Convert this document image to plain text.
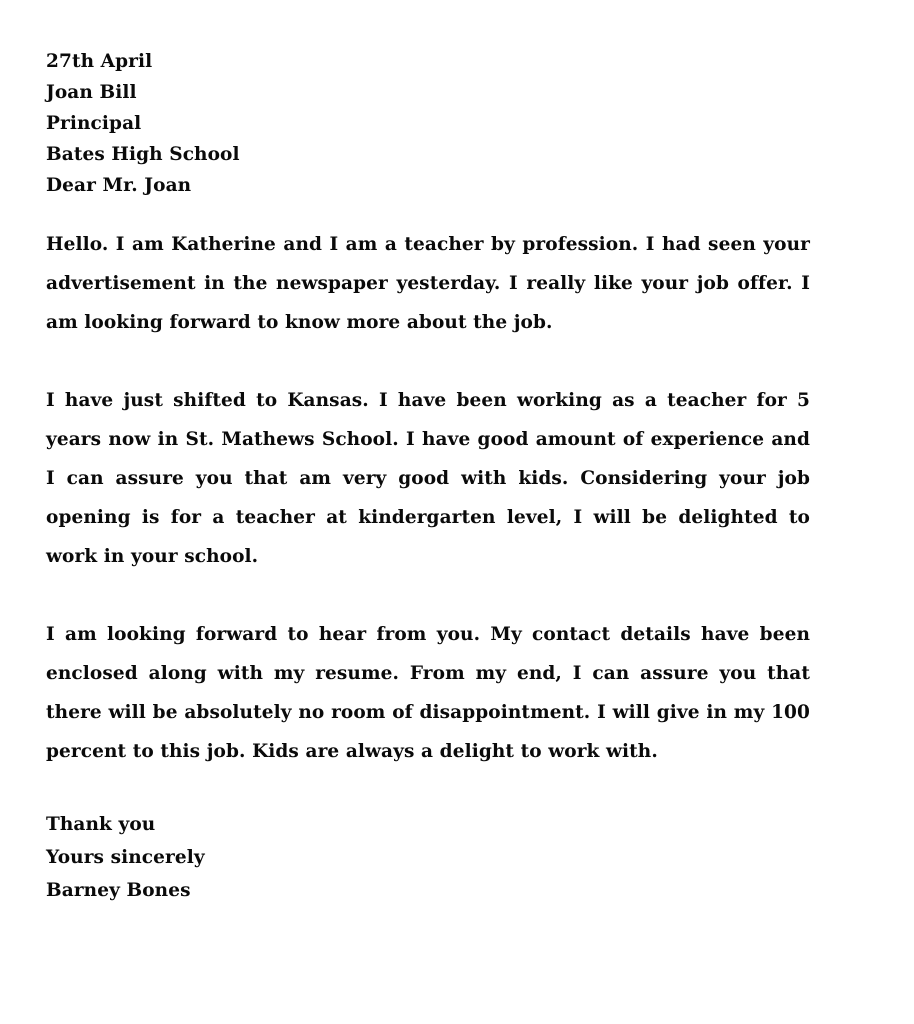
27th April
Joan Bill
Principal
Bates High School
Dear Mr. Joan

Hello. I am Katherine and I am a teacher by profession. I had seen your advertisement in the newspaper yesterday. I really like your job offer. I am looking forward to know more about the job.

I have just shifted to Kansas. I have been working as a teacher for 5 years now in St. Mathews School. I have good amount of experience and I can assure you that am very good with kids. Considering your job opening is for a teacher at kindergarten level, I will be delighted to work in your school.

I am looking forward to hear from you. My contact details have been enclosed along with my resume. From my end, I can assure you that there will be absolutely no room of disappointment. I will give in my 100 percent to this job. Kids are always a delight to work with.

Thank you
Yours sincerely
Barney Bones
